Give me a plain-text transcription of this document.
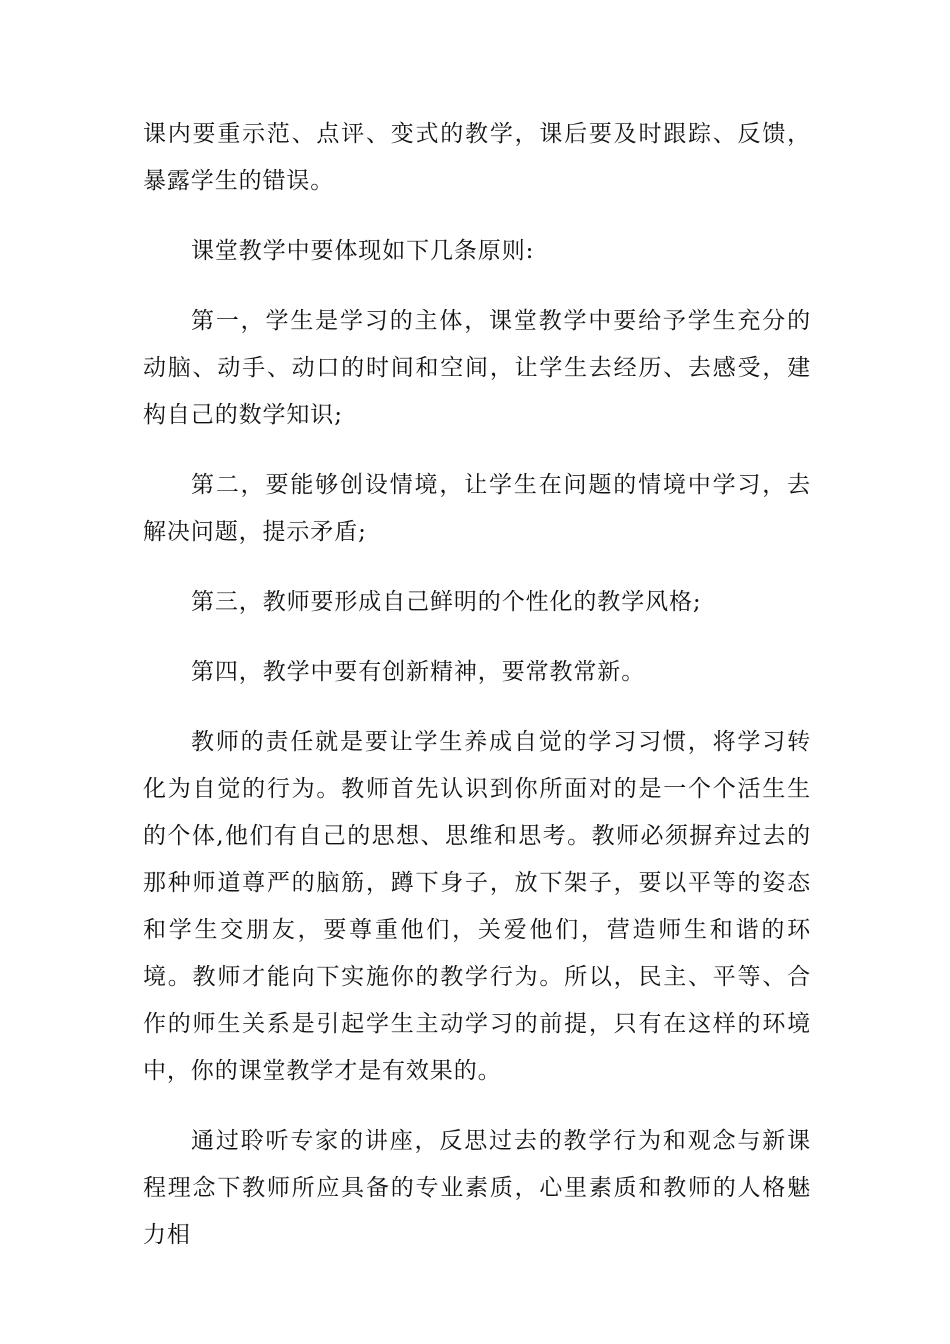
课内要重示范、点评、变式的教学，课后要及时跟踪、反馈，暴露学生的错误。

课堂教学中要体现如下几条原则:

第一，学生是学习的主体，课堂教学中要给予学生充分的动脑、动手、动口的时间和空间，让学生去经历、去感受，建构自己的数学知识;

第二，要能够创设情境，让学生在问题的情境中学习，去解决问题，提示矛盾;

第三，教师要形成自己鲜明的个性化的教学风格;

第四，教学中要有创新精神，要常教常新。

教师的责任就是要让学生养成自觉的学习习惯，将学习转化为自觉的行为。教师首先认识到你所面对的是一个个活生生的个体,他们有自己的思想、思维和思考。教师必须摒弃过去的那种师道尊严的脑筋，蹲下身子，放下架子，要以平等的姿态和学生交朋友，要尊重他们，关爱他们，营造师生和谐的环境。教师才能向下实施你的教学行为。所以，民主、平等、合作的师生关系是引起学生主动学习的前提，只有在这样的环境中，你的课堂教学才是有效果的。

通过聆听专家的讲座，反思过去的教学行为和观念与新课程理念下教师所应具备的专业素质，心里素质和教师的人格魅力相
